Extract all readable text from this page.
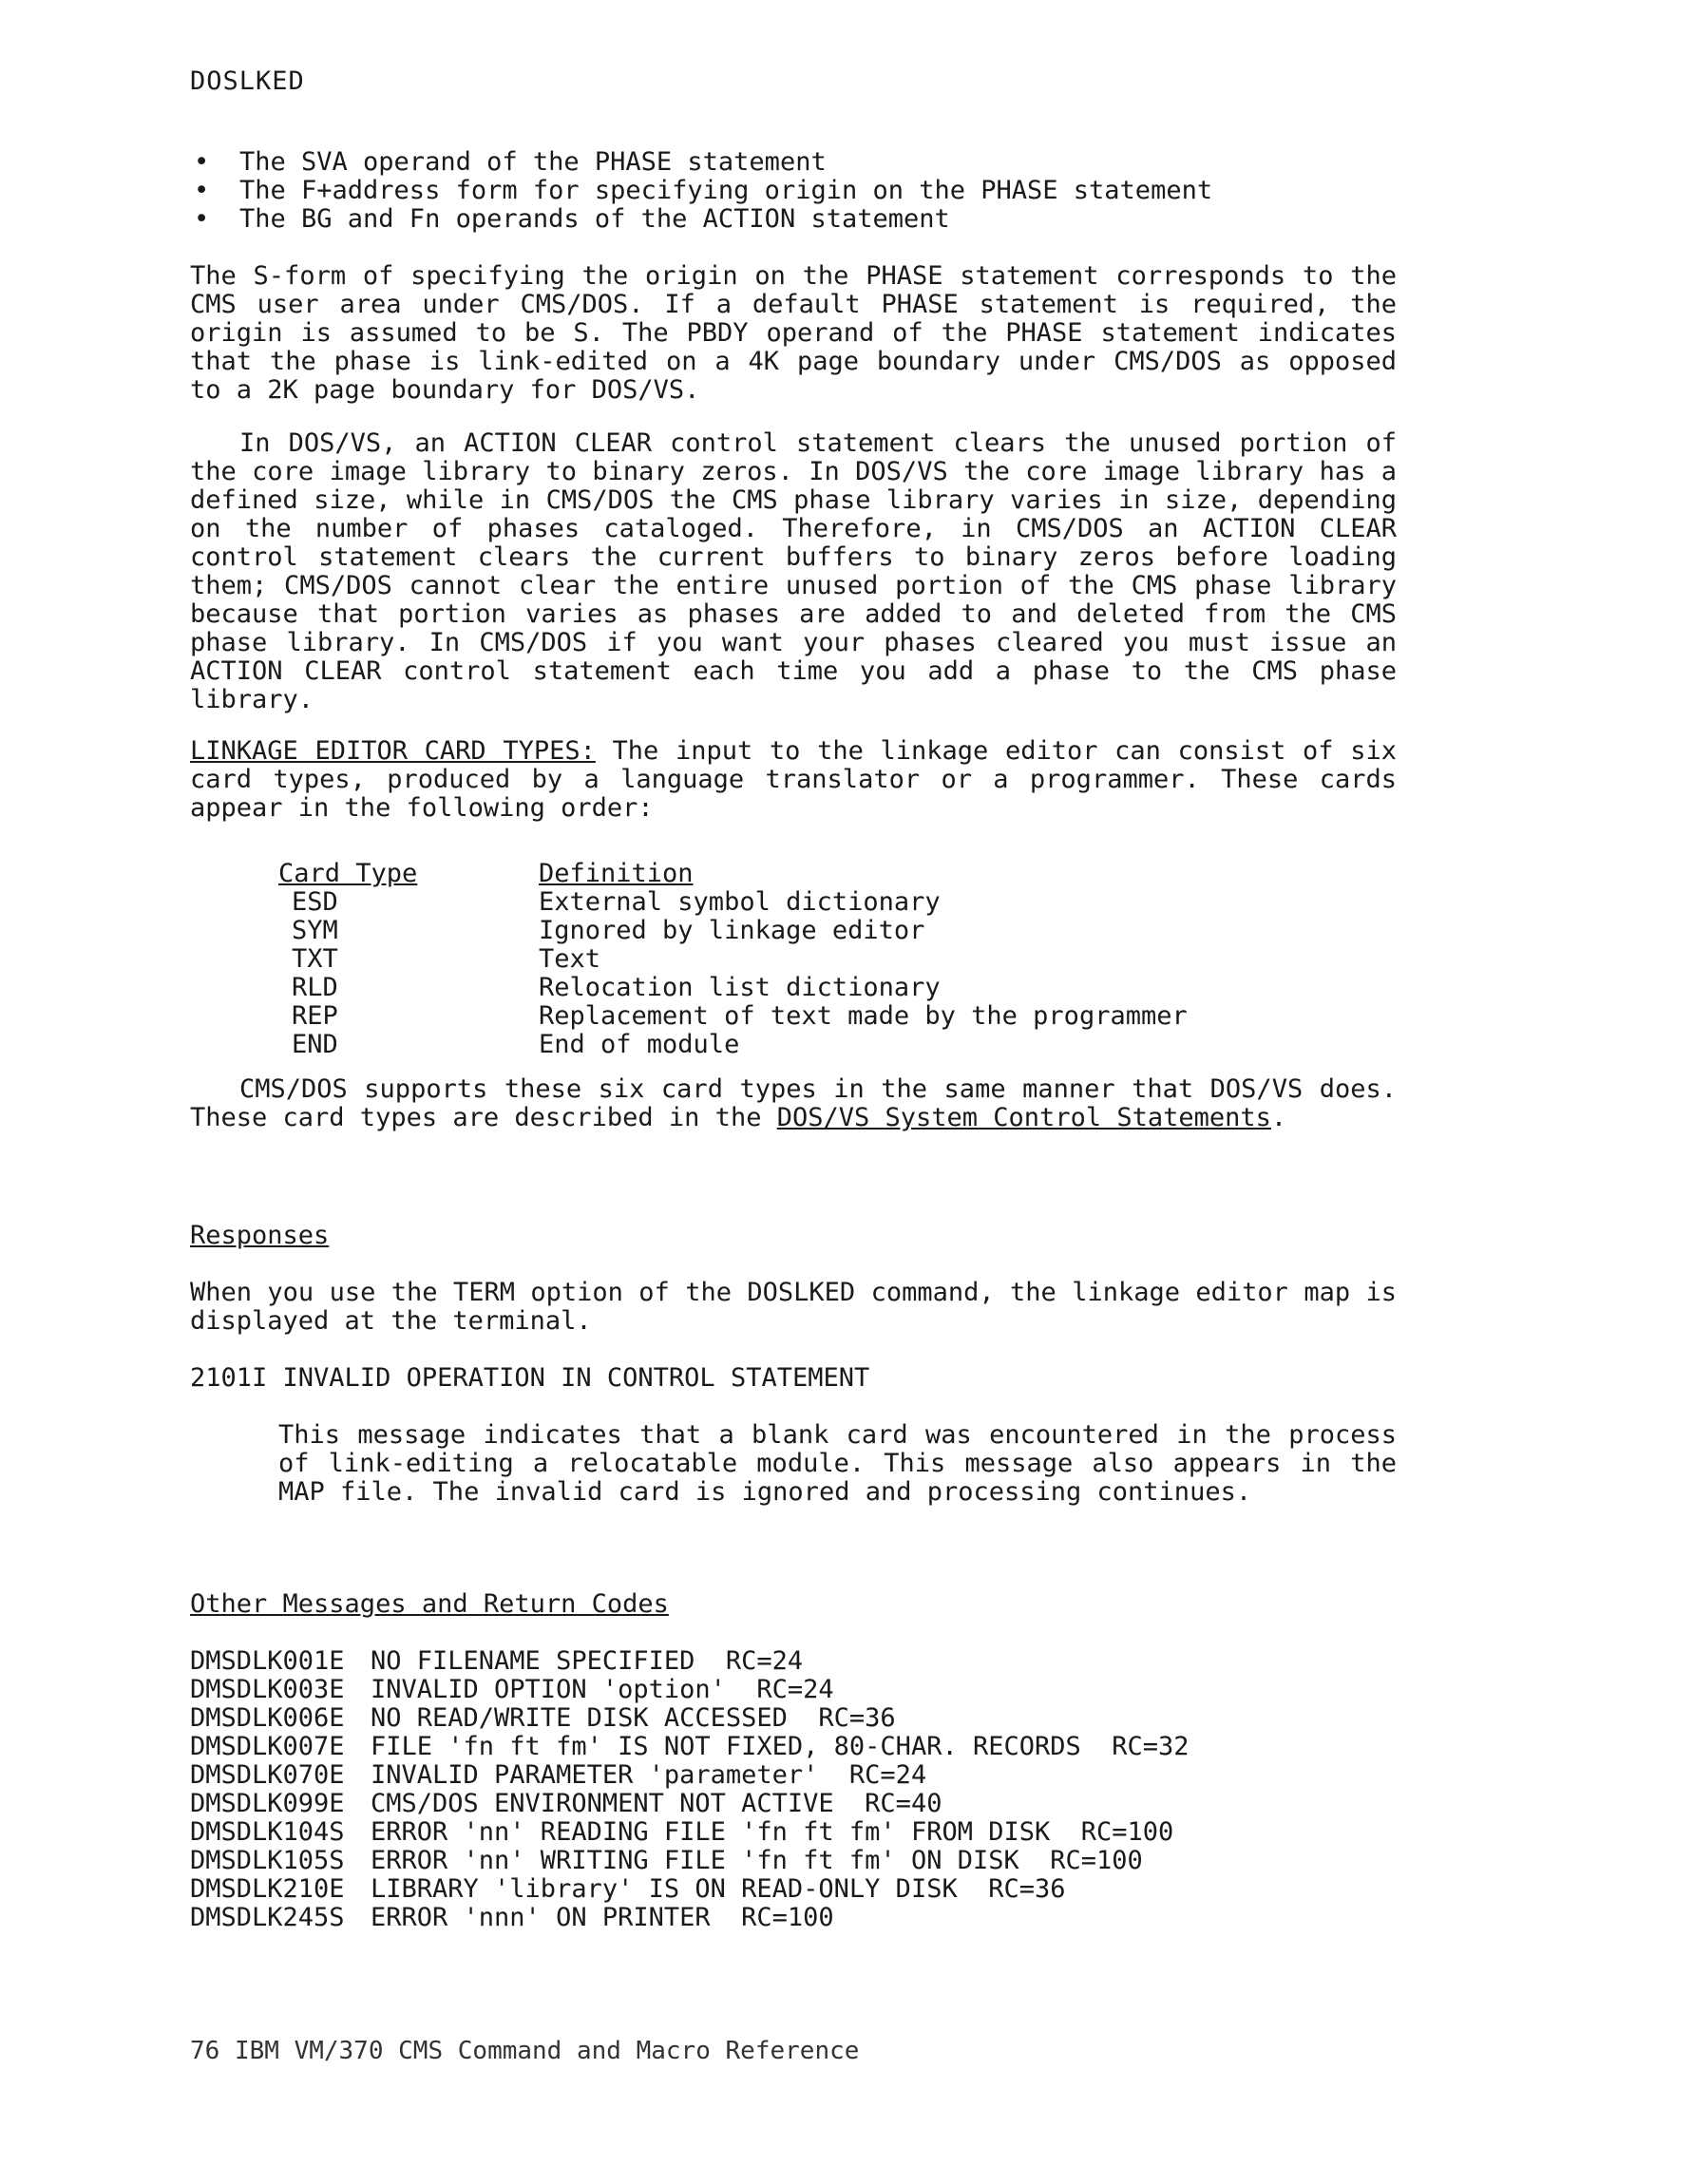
DOSLKED
• The SVA operand of the PHASE statement
• The F+address form for specifying origin on the PHASE statement
• The BG and Fn operands of the ACTION statement

The S-form of specifying the origin on the PHASE statement corresponds to the CMS user area under CMS/DOS. If a default PHASE statement is required, the origin is assumed to be S. The PBDY operand of the PHASE statement indicates that the phase is link-edited on a 4K page boundary under CMS/DOS as opposed to a 2K page boundary for DOS/VS.

In DOS/VS, an ACTION CLEAR control statement clears the unused portion of the core image library to binary zeros. In DOS/VS the core image library has a defined size, while in CMS/DOS the CMS phase library varies in size, depending on the number of phases cataloged. Therefore, in CMS/DOS an ACTION CLEAR control statement clears the current buffers to binary zeros before loading them; CMS/DOS cannot clear the entire unused portion of the CMS phase library because that portion varies as phases are added to and deleted from the CMS phase library. In CMS/DOS if you want your phases cleared you must issue an ACTION CLEAR control statement each time you add a phase to the CMS phase library.

LINKAGE EDITOR CARD TYPES: The input to the linkage editor can consist of six card types, produced by a language translator or a programmer. These cards appear in the following order:

Card Type	Definition
ESD	External symbol dictionary
SYM	Ignored by linkage editor
TXT	Text
RLD	Relocation list dictionary
REP	Replacement of text made by the programmer
END	End of module

CMS/DOS supports these six card types in the same manner that DOS/VS does. These card types are described in the DOS/VS System Control Statements.

Responses

When you use the TERM option of the DOSLKED command, the linkage editor map is displayed at the terminal.

2101I INVALID OPERATION IN CONTROL STATEMENT

This message indicates that a blank card was encountered in the process of link-editing a relocatable module. This message also appears in the MAP file. The invalid card is ignored and processing continues.

Other Messages and Return Codes
DMSDLK001E NO FILENAME SPECIFIED  RC=24
DMSDLK003E INVALID OPTION 'option'  RC=24
DMSDLK006E NO READ/WRITE DISK ACCESSED  RC=36
DMSDLK007E FILE 'fn ft fm' IS NOT FIXED, 80-CHAR. RECORDS  RC=32
DMSDLK070E INVALID PARAMETER 'parameter'  RC=24
DMSDLK099E CMS/DOS ENVIRONMENT NOT ACTIVE  RC=40
DMSDLK104S ERROR 'nn' READING FILE 'fn ft fm' FROM DISK  RC=100
DMSDLK105S ERROR 'nn' WRITING FILE 'fn ft fm' ON DISK  RC=100
DMSDLK210E LIBRARY 'library' IS ON READ-ONLY DISK  RC=36
DMSDLK245S ERROR 'nnn' ON PRINTER  RC=100
76 IBM VM/370 CMS Command and Macro Reference
